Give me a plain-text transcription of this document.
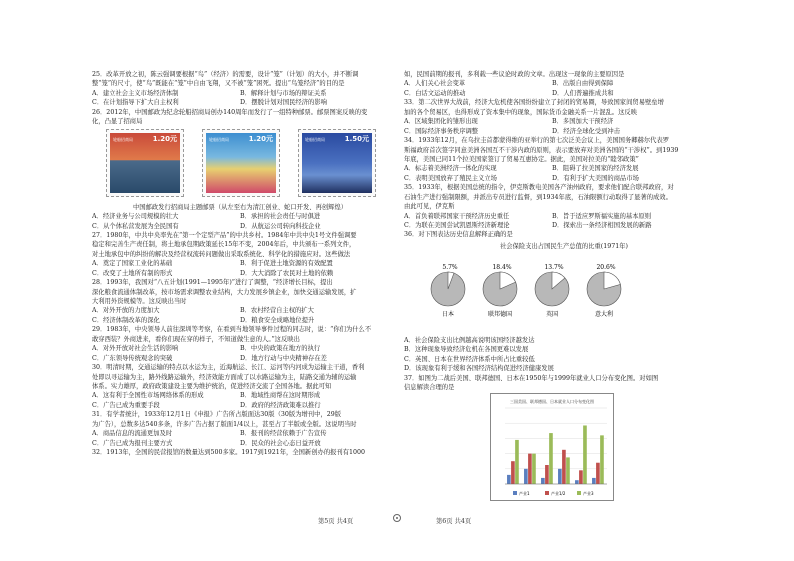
25．改革开放之初，陈云强调要根据“鸟”（经济）的需要，设计“笼”（计划）的大小，并不断调
整“笼”的尺寸，使“鸟”既能在“笼”中自由飞翔，又不被“笼”困死。提出“鸟笼经济”的目的是
A．建立社会主义市场经济体制	B．解释计划与市场的辩证关系
C．在计划指导下扩大自主权利	D．摆脱计划对国民经济的影响
26．2012年，中国邮政为纪念轮船招商局创办140周年而发行了一组特种邮票。邮票图案反映的变
化，凸显了招商局
轮船招商局	1.20元	轮船招商局	1.20元	轮船招商局	1.50元
中国邮政发行招商局主题邮票（从左至右为清江创业、蛇口开发、再创辉煌）
A．经济业务与公司规模的壮大	B．承担的社会责任与时俱进
C．从个体私营发展为全民国有	D．从航运公司转向科技企业
27．1980年，中共中央率先在“第一个定型产品”的中共乡村。1984年中共中央1号文件强调要
稳定和完善生产责任制，将土地承包期政策延长15年不变，2004年后，中共颁布一系列文件，
对土地承包中的纠纷的解决及经营权流转问题做出采取系统化、科学化的措施应对。这些做法
A．奠定了国家工业化的基础	B．利于促进土地资源的有效配置
C．改变了土地所有制的形式	D．大大消除了农民对土地的依赖
28．1993年，我国对“八五计划(1991—1995年)”进行了调整，“经济增长目标，提出
深化粮食流通体制改革，按市场需求调整农业结构，大力发展乡镇企业，加快交通运输发展，扩
大利用外资规模等。这反映出当时
A．对外开放的力度加大	B．农村经营自主权的扩大
C．经济体制改革的深化	D．粮食安全成略地位提升
29．1983年，中央领导人前往深圳等考察，在看到当地领导事件过程的同志时，说：“你们为什么不
敢穿西装？外商进来，看你们现在穿的样子，不知道做生意的人。”这反映出
A．对外开放对社会生活的影响	B．中央的政策在地方的执行
C．广东领导传统观念的突破	D．地方行动与中央精神存在差
30．明清时期，交通运输的特点以水运为主，近海航运、长江、运河等内河成为运输主干道，香利
处即以寻运输为主，路外线路运输外，经济效能方面成了以水路运输为主，陆路交通为辅的运输
体系。实力雄厚，政府政策建设主要为维护统治，促进经济交流了全国各地。据此可知
A．这有利于全国性市场网络体系的形成	B．地域性商帮在这时期形成
C．广告已成为重要手段	D．政府的经济政策难以推行
31．有学者统计，1933年12月1日《申报》广告所占版面达30版（30版为增刊中，29版
为广告），总数多达540多条，许多广告占据了版面1/4以上，甚至占了半版或全版。这说明当时
A．商品信息的流通更加及时	B．报刊的经营依赖于广告宣传
C．广告已成为报刊主要方式	D．民众的社会心态日益开放
32．1913年，全国的民营报馆的数量达到500多家。1917到1921年，全国新创办的报刊有1000
如，民国前期的报刊，多利载一些议论时政的文章。出现这一现象的主要原因是
A．人们关心社会变革	B．出版自由得到保障
C．白话文运动的推动	D．人们普遍推成共和
33．第二次世界大战前，经济大危机使各国纷纷建立了封闭的贸易圈，导致国家间贸易壁垒增
加的各个贸易区，也得形成了资本集中的现象，国际货币金融关系一片混乱。这反映
A．区域集团化的雏形出现	B．多国加大干预经济
C．国际经济事务秩序调整	D．经济全球化受到冲击
34．1933年12月，在乌拉圭首都蒙得维的亚举行的第七次泛美会议上，美国国务卿赫尔代表罗
斯福政府首次签字同意美洲各国互不干涉内政的原则，表示要放弃对美洲各国的“干涉权”。到1939
年底，美国已同11个拉美国家签订了贸易互惠协定。据此，美国对拉美的“睦邻政策”
A．标志着美洲经济一体化的实现	B．阻碍了拉美国家的经济发展
C．表明美国放弃了殖民主义立场	D．有利于扩大美国的商品市场
35．1933年，根据美国总统的指令，伊克斯教电美国各产油州政府，要求他们配合联邦政府，对
石油生产进行强制限额，并派出专员进行监督，到1934年底，石油限额行动取得了显著的成效。
由此可见，伊克斯
A．首负着联邦国家干预经济历史重任	B．旨于适应罗斯福实施的基本原则
C．为联在美国尝试凯恩斯经济新理论	D．探索出一条经济相国发展的新路
36．对下图表达历史信息解释正确的是
社会保险支出占国民生产总值的比重(1971年)
5.7%
日本
18.4%
联邦德国
13.7%
英国
20.6%
意大利
A．社会保险支出比例越高说明该国经济越发达
B．这种现象导致经济危机在各国更难以发展
C．英国、日本在世界经济体系中所占比重较低
D．该现象有利于缓和各国经济结构促进经济健康发展
37．如图为二战后美国、联邦德国、日本在1950年与1999年就业人口分布变化图。对如图
信息解读合理的是
三国美国、联邦德国、日本就业人口分布变化图
产业1	产业1/2	产业3
第5页 共4页	第6页 共4页
